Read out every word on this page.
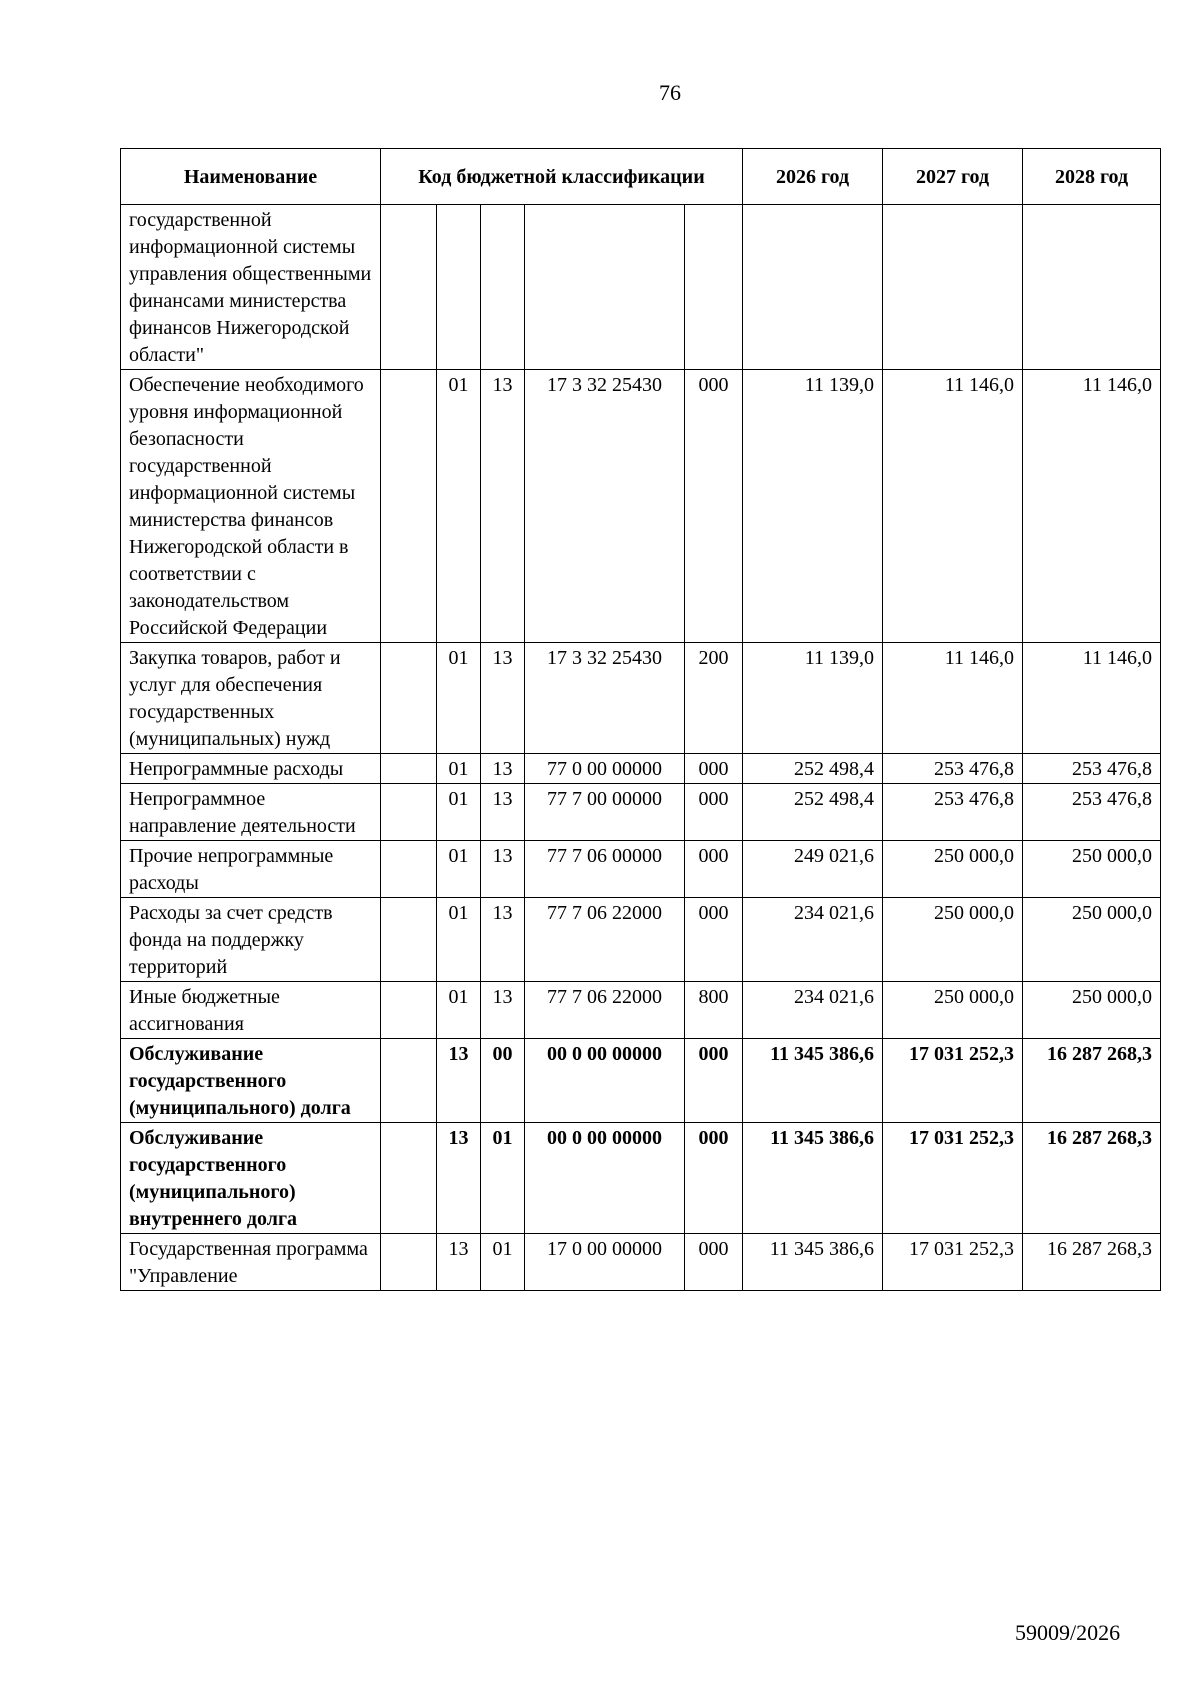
76
Наименование	Код бюджетной классификации					2026 год	2027 год	2028 год
государственной информационной системы управления общественными финансами министерства финансов Нижегородской области"								
Обеспечение необходимого уровня информационной безопасности государственной информационной системы министерства финансов Нижегородской области в соответствии с законодательством Российской Федерации		01	13	17 3 32 25430	000	11 139,0	11 146,0	11 146,0
Закупка товаров, работ и услуг для обеспечения государственных (муниципальных) нужд		01	13	17 3 32 25430	200	11 139,0	11 146,0	11 146,0
Непрограммные расходы		01	13	77 0 00 00000	000	252 498,4	253 476,8	253 476,8
Непрограммное направление деятельности		01	13	77 7 00 00000	000	252 498,4	253 476,8	253 476,8
Прочие непрограммные расходы		01	13	77 7 06 00000	000	249 021,6	250 000,0	250 000,0
Расходы за счет средств фонда на поддержку территорий		01	13	77 7 06 22000	000	234 021,6	250 000,0	250 000,0
Иные бюджетные ассигнования		01	13	77 7 06 22000	800	234 021,6	250 000,0	250 000,0
Обслуживание государственного (муниципального) долга		13	00	00 0 00 00000	000	11 345 386,6	17 031 252,3	16 287 268,3
Обслуживание государственного (муниципального) внутреннего долга		13	01	00 0 00 00000	000	11 345 386,6	17 031 252,3	16 287 268,3
Государственная программа "Управление		13	01	17 0 00 00000	000	11 345 386,6	17 031 252,3	16 287 268,3
59009/2026
